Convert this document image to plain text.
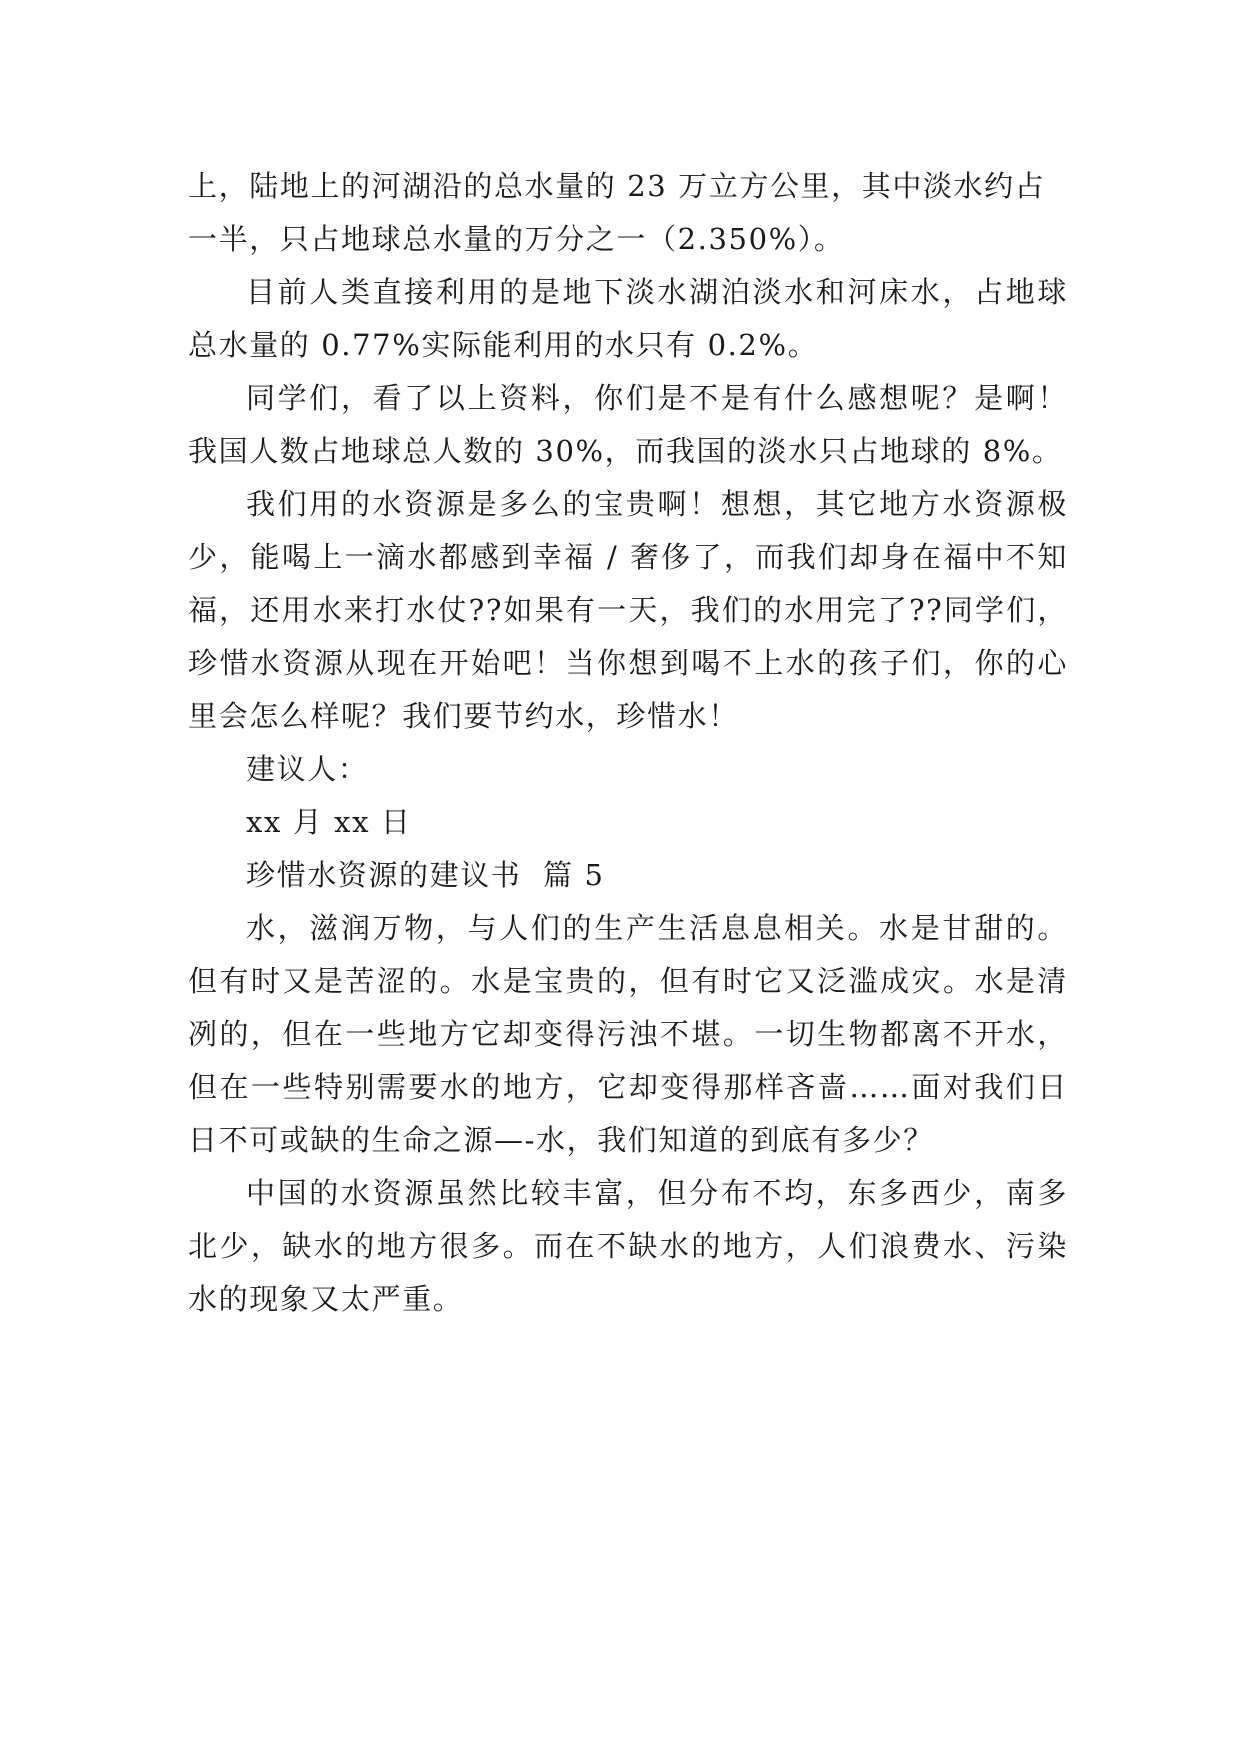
上，陆地上的河湖沿的总水量的 23 万立方公里，其中淡水约占一半，只占地球总水量的万分之一（2.350%）。

目前人类直接利用的是地下淡水湖泊淡水和河床水，占地球总水量的 0.77%实际能利用的水只有 0.2%。

同学们，看了以上资料，你们是不是有什么感想呢？是啊！我国人数占地球总人数的 30%，而我国的淡水只占地球的 8%。

我们用的水资源是多么的宝贵啊！想想，其它地方水资源极少，能喝上一滴水都感到幸福 / 奢侈了，而我们却身在福中不知福，还用水来打水仗??如果有一天，我们的水用完了??同学们，珍惜水资源从现在开始吧！当你想到喝不上水的孩子们，你的心里会怎么样呢？我们要节约水，珍惜水！

建议人：

xx 月 xx 日

珍惜水资源的建议书  篇 5

水，滋润万物，与人们的生产生活息息相关。水是甘甜的。但有时又是苦涩的。水是宝贵的，但有时它又泛滥成灾。水是清冽的，但在一些地方它却变得污浊不堪。一切生物都离不开水，但在一些特别需要水的地方，它却变得那样吝啬……面对我们日日不可或缺的生命之源—-水，我们知道的到底有多少？

中国的水资源虽然比较丰富，但分布不均，东多西少，南多北少，缺水的地方很多。而在不缺水的地方，人们浪费水、污染水的现象又太严重。
